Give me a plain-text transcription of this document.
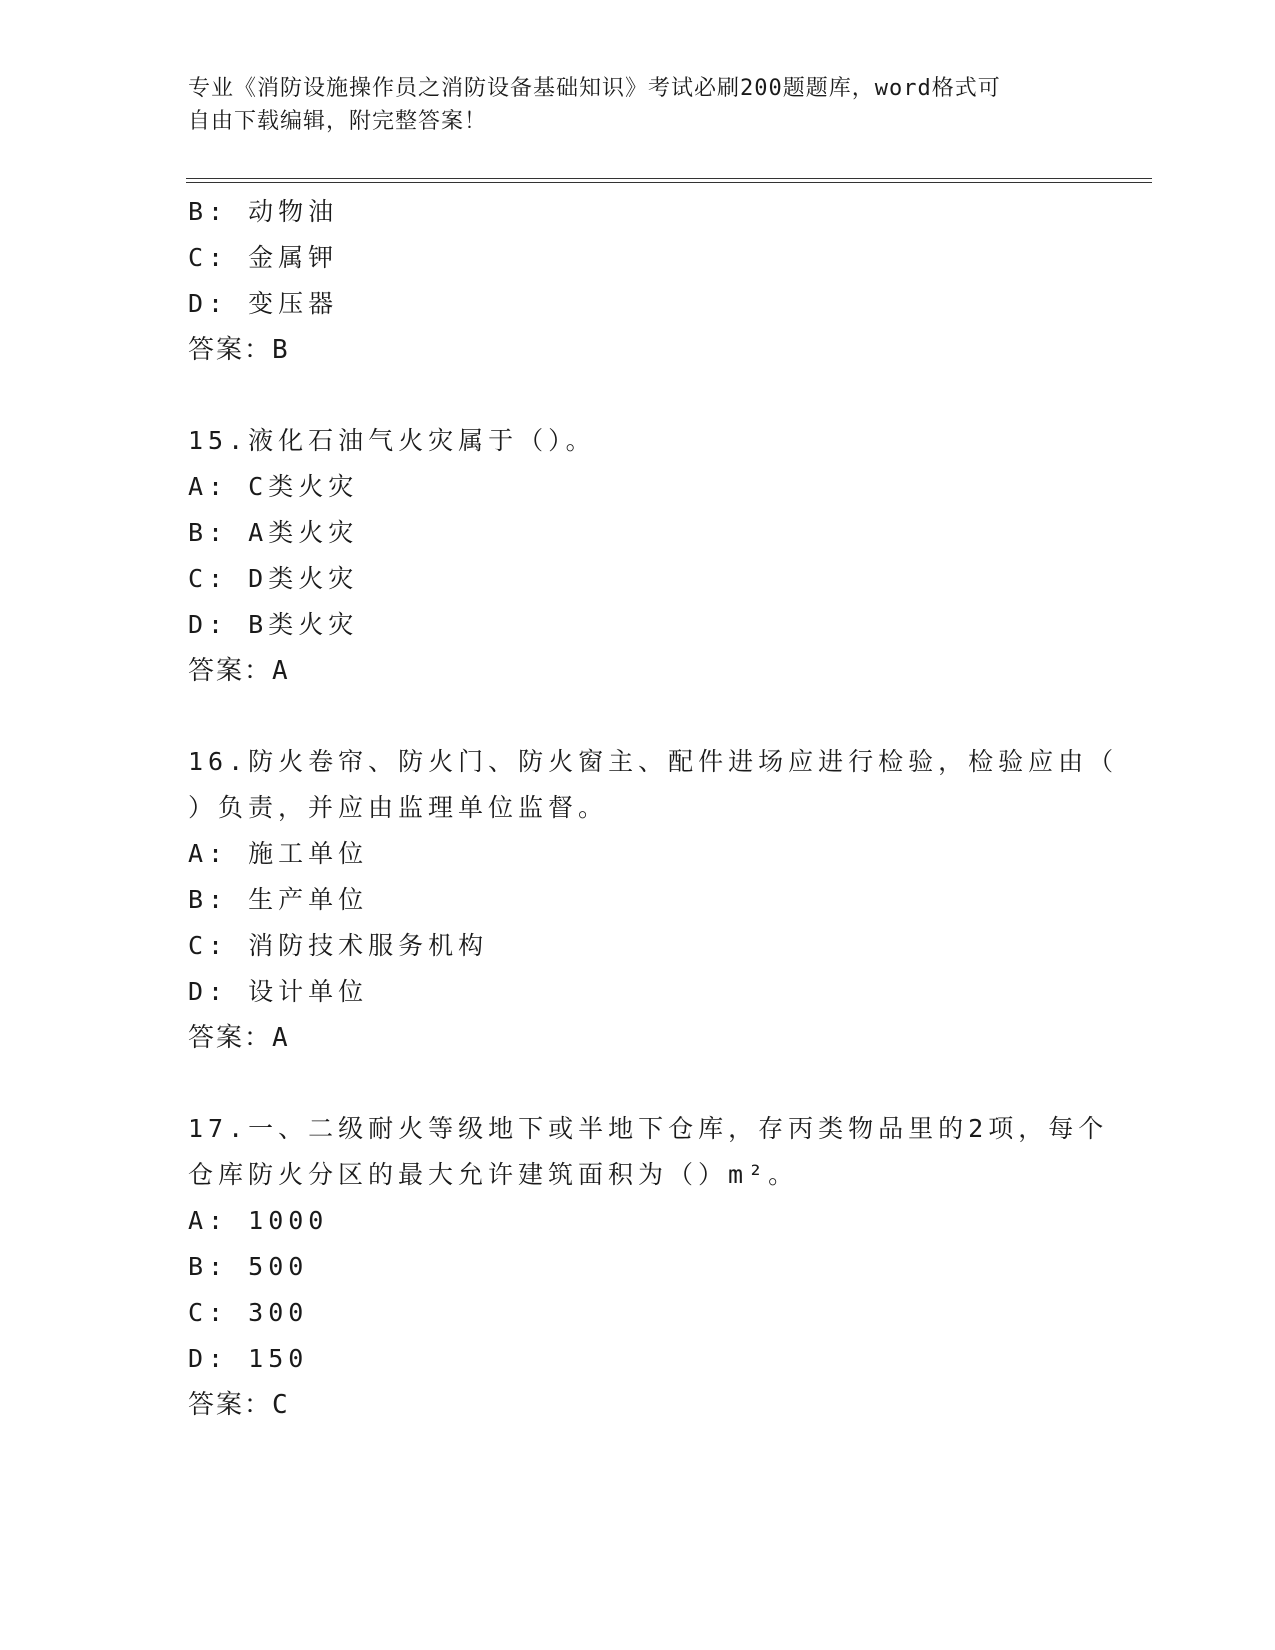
专业《消防设施操作员之消防设备基础知识》考试必刷200题题库，word格式可
自由下载编辑，附完整答案！
B: 动物油
C: 金属钾
D: 变压器
答案：B
15.液化石油气火灾属于（）。
A: C类火灾
B: A类火灾
C: D类火灾
D: B类火灾
答案：A
16.防火卷帘、防火门、防火窗主、配件进场应进行检验，检验应由（
）负责，并应由监理单位监督。
A: 施工单位
B: 生产单位
C: 消防技术服务机构
D: 设计单位
答案：A
17.一、二级耐火等级地下或半地下仓库，存丙类物品里的2项，每个
仓库防火分区的最大允许建筑面积为（）m²。
A: 1000
B: 500
C: 300
D: 150
答案：C
